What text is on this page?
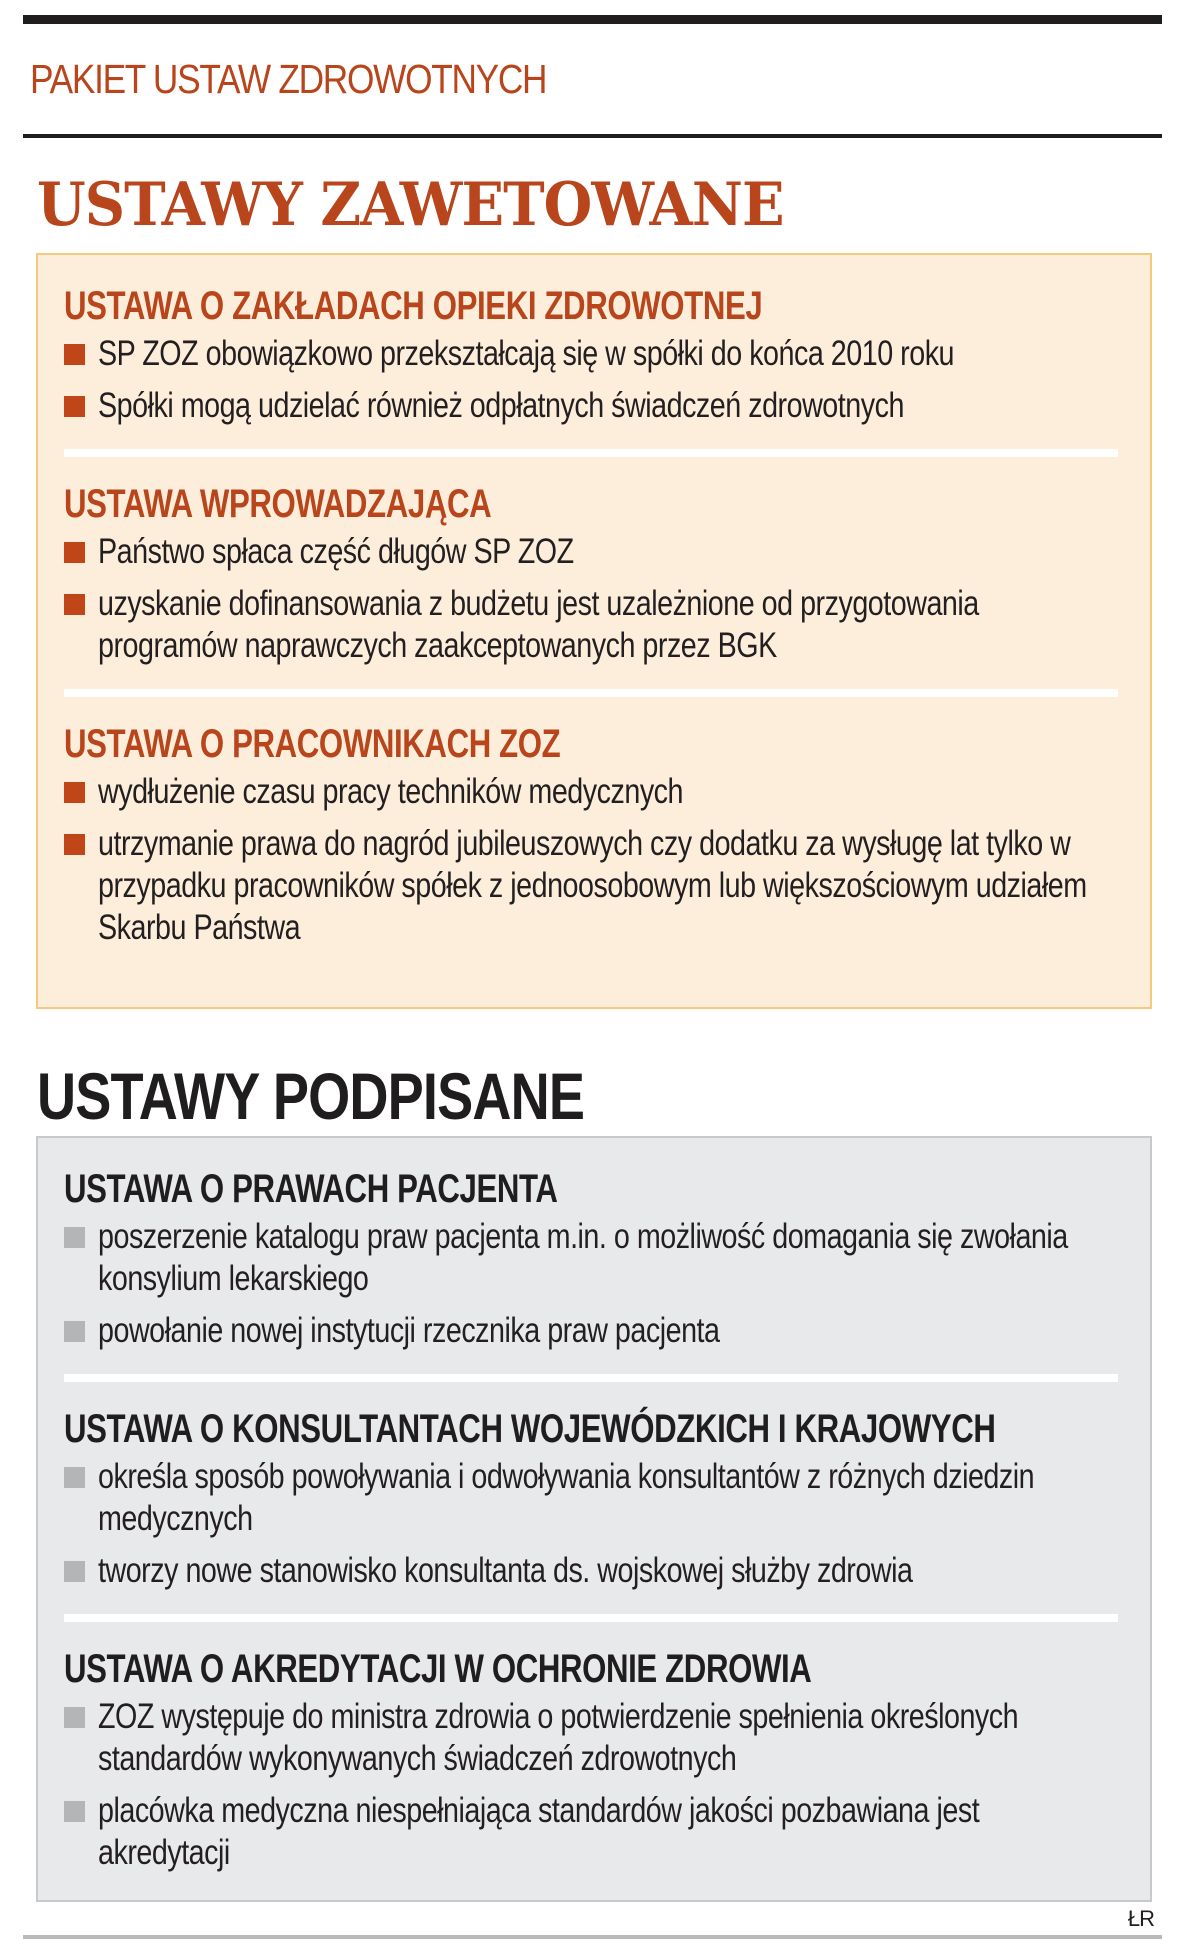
PAKIET USTAW ZDROWOTNYCH
USTAWY ZAWETOWANE
USTAWA O ZAKŁADACH OPIEKI ZDROWOTNEJ
SP ZOZ obowiązkowo przekształcają się w spółki do końca 2010 roku
Spółki mogą udzielać również odpłatnych świadczeń zdrowotnych
USTAWA WPROWADZAJĄCA
Państwo spłaca część długów SP ZOZ
uzyskanie dofinansowania z budżetu jest uzależnione od przygotowania programów naprawczych zaakceptowanych przez BGK
USTAWA O PRACOWNIKACH ZOZ
wydłużenie czasu pracy techników medycznych
utrzymanie prawa do nagród jubileuszowych czy dodatku za wysługę lat tylko w przypadku pracowników spółek z jednoosobowym lub większościowym udziałem Skarbu Państwa
USTAWY PODPISANE
USTAWA O PRAWACH PACJENTA
poszerzenie katalogu praw pacjenta m.in. o możliwość domagania się zwołania konsylium lekarskiego
powołanie nowej instytucji rzecznika praw pacjenta
USTAWA O KONSULTANTACH WOJEWÓDZKICH I KRAJOWYCH
określa sposób powoływania i odwoływania konsultantów z różnych dziedzin medycznych
tworzy nowe stanowisko konsultanta ds. wojskowej służby zdrowia
USTAWA O AKREDYTACJI W OCHRONIE ZDROWIA
ZOZ występuje do ministra zdrowia o potwierdzenie spełnienia określonych standardów wykonywanych świadczeń zdrowotnych
placówka medyczna niespełniająca standardów jakości pozbawiana jest akredytacji
ŁR
